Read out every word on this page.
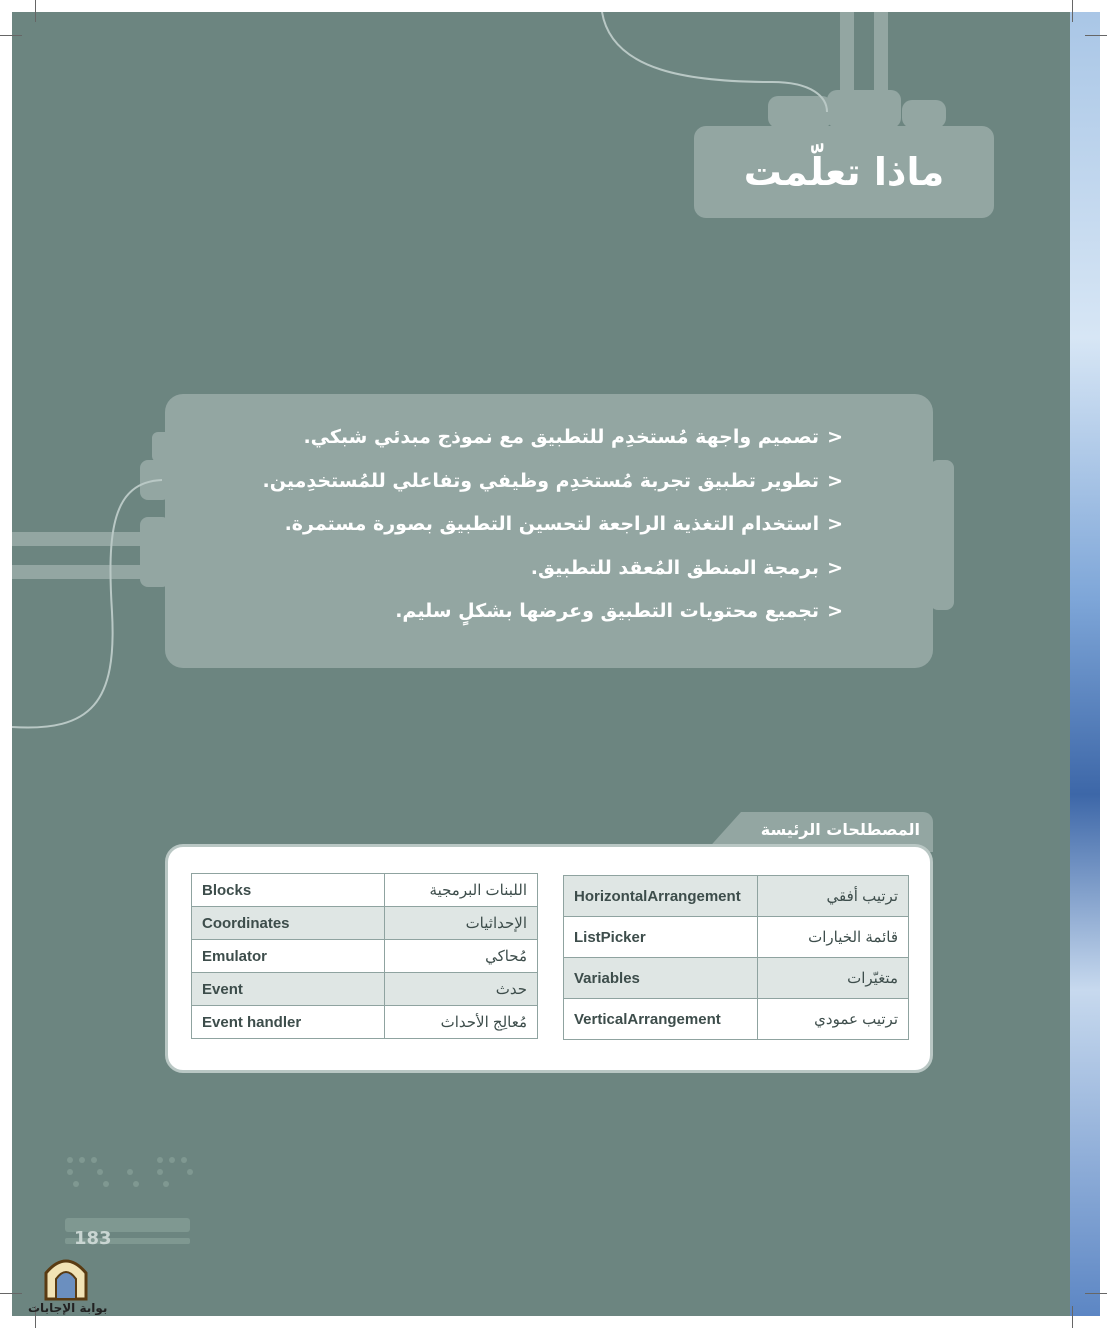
ماذا تعلّمت
<تصميم واجهة مُستخدِم للتطبيق مع نموذج مبدئي شبكي.
<تطوير تطبيق تجربة مُستخدِم وظيفي وتفاعلي للمُستخدِمين.
<استخدام التغذية الراجعة لتحسين التطبيق بصورة مستمرة.
<برمجة المنطق المُعقد للتطبيق.
<تجميع محتويات التطبيق وعرضها بشكلٍ سليم.
المصطلحات الرئيسة
Blocks	اللبنات البرمجية
Coordinates	الإحداثيات
Emulator	مُحاكي
Event	حدث
Event handler	مُعالِج الأحداث
HorizontalArrangement	ترتيب أفقي
ListPicker	قائمة الخيارات
Variables	متغيّرات
VerticalArrangement	ترتيب عمودي
183
بوابة الإجابات
